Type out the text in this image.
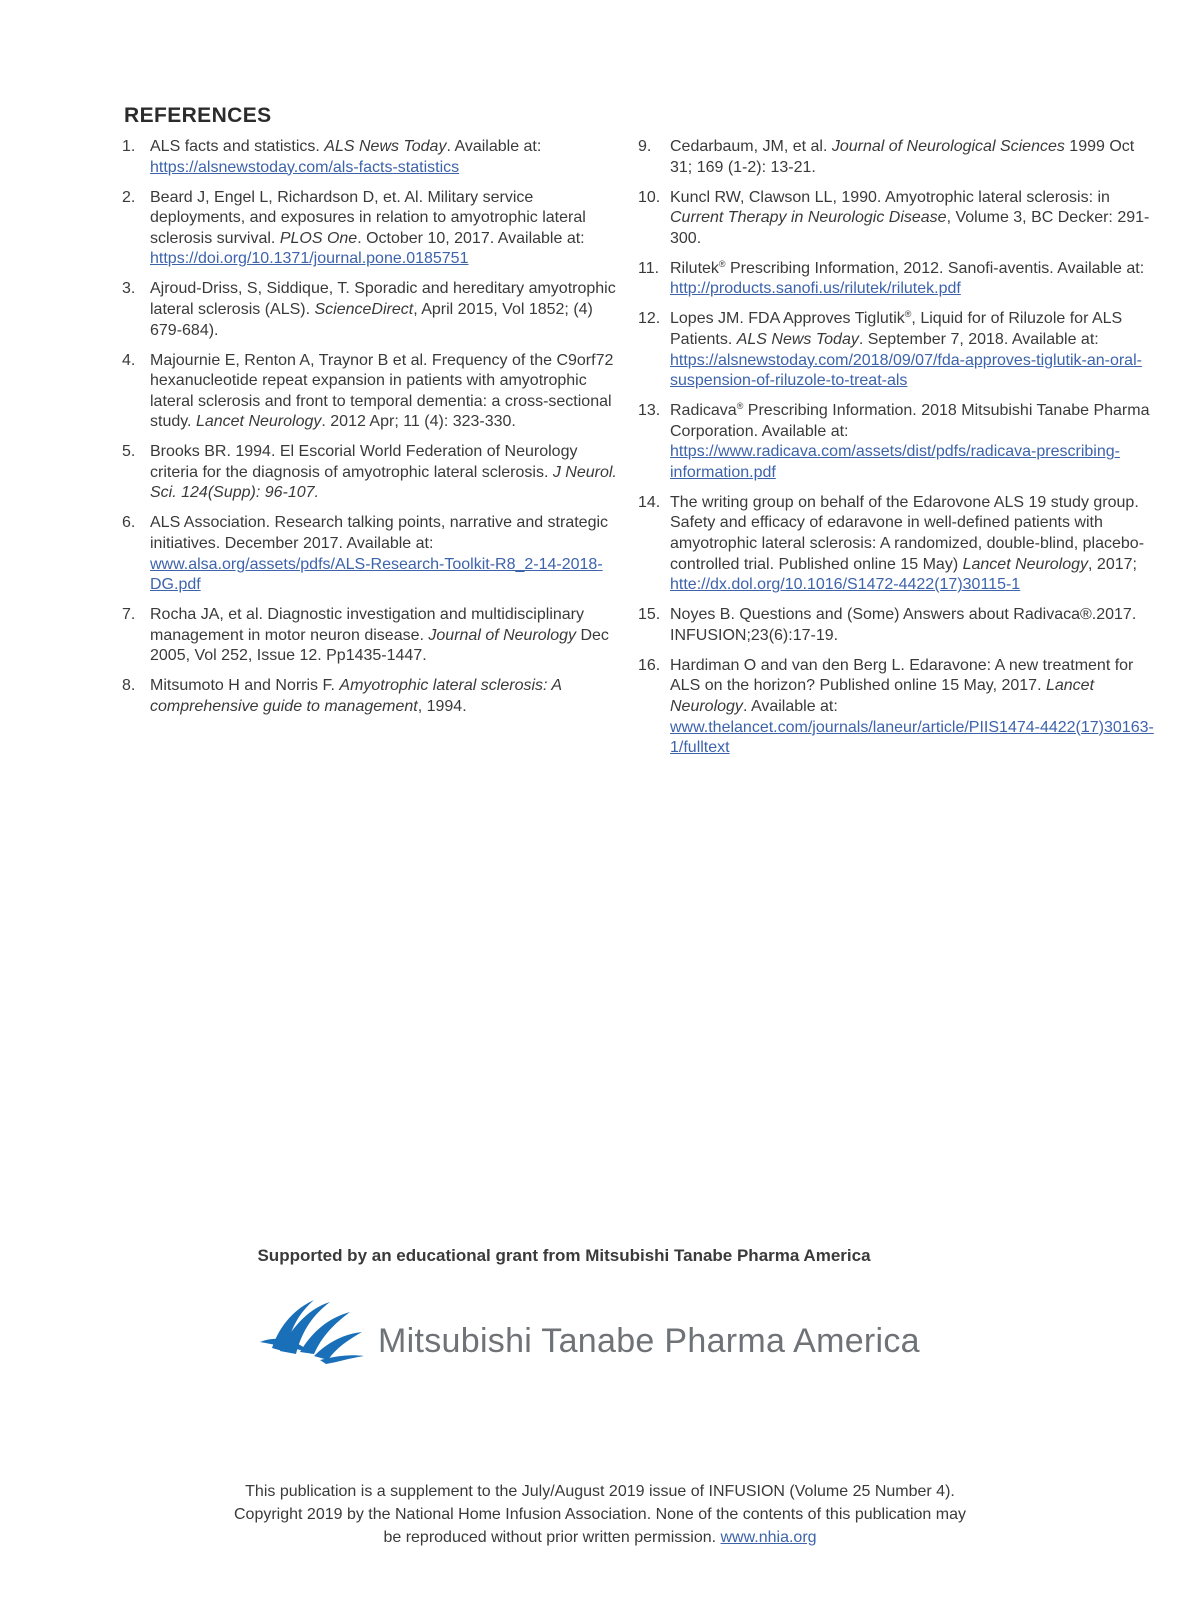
REFERENCES
1. ALS facts and statistics. ALS News Today. Available at: https://alsnewstoday.com/als-facts-statistics
2. Beard J, Engel L, Richardson D, et. Al. Military service deployments, and exposures in relation to amyotrophic lateral sclerosis survival. PLOS One. October 10, 2017. Available at: https://doi.org/10.1371/journal.pone.0185751
3. Ajroud-Driss, S, Siddique, T. Sporadic and hereditary amyotrophic lateral sclerosis (ALS). ScienceDirect, April 2015, Vol 1852; (4) 679-684).
4. Majournie E, Renton A, Traynor B et al. Frequency of the C9orf72 hexanucleotide repeat expansion in patients with amyotrophic lateral sclerosis and front to temporal dementia: a cross-sectional study. Lancet Neurology. 2012 Apr; 11 (4): 323-330.
5. Brooks BR. 1994. El Escorial World Federation of Neurology criteria for the diagnosis of amyotrophic lateral sclerosis. J Neurol. Sci. 124(Supp): 96-107.
6. ALS Association. Research talking points, narrative and strategic initiatives. December 2017. Available at: www.alsa.org/assets/pdfs/ALS-Research-Toolkit-R8_2-14-2018-DG.pdf
7. Rocha JA, et al. Diagnostic investigation and multidisciplinary management in motor neuron disease. Journal of Neurology Dec 2005, Vol 252, Issue 12. Pp1435-1447.
8. Mitsumoto H and Norris F. Amyotrophic lateral sclerosis: A comprehensive guide to management, 1994.
9.	Cedarbaum, JM, et al. Journal of Neurological Sciences 1999 Oct 31; 169 (1-2): 13-21.
10. Kuncl RW, Clawson LL, 1990. Amyotrophic lateral sclerosis: in Current Therapy in Neurologic Disease, Volume 3, BC Decker: 291-300.
11. Rilutek® Prescribing Information, 2012. Sanofi-aventis. Available at: http://products.sanofi.us/rilutek/rilutek.pdf
12. Lopes JM. FDA Approves Tiglutik®, Liquid for of Riluzole for ALS Patients. ALS News Today. September 7, 2018. Available at: https://alsnewstoday.com/2018/09/07/fda-approves-tiglutik-an-oral-suspension-of-riluzole-to-treat-als
13. Radicava® Prescribing Information. 2018 Mitsubishi Tanabe Pharma Corporation. Available at: https://www.radicava.com/assets/dist/pdfs/radicava-prescribing-information.pdf
14. The writing group on behalf of the Edarovone ALS 19 study group. Safety and efficacy of edaravone in well-defined patients with amyotrophic lateral sclerosis: A randomized, double-blind, placebo-controlled trial. Published online 15 May) Lancet Neurology, 2017; htte://dx.dol.org/10.1016/S1472-4422(17)30115-1
15. Noyes B. Questions and (Some) Answers about Radivaca®.2017. INFUSION;23(6):17-19.
16. Hardiman O and van den Berg L. Edaravone: A new treatment for ALS on the horizon? Published online 15 May, 2017. Lancet Neurology. Available at: www.thelancet.com/journals/laneur/article/PIIS1474-4422(17)30163-1/fulltext
Supported by an educational grant from Mitsubishi Tanabe Pharma America
Mitsubishi Tanabe Pharma America
This publication is a supplement to the July/August 2019 issue of INFUSION (Volume 25 Number 4).
Copyright 2019 by the National Home Infusion Association. None of the contents of this publication may
be reproduced without prior written permission. www.nhia.org
